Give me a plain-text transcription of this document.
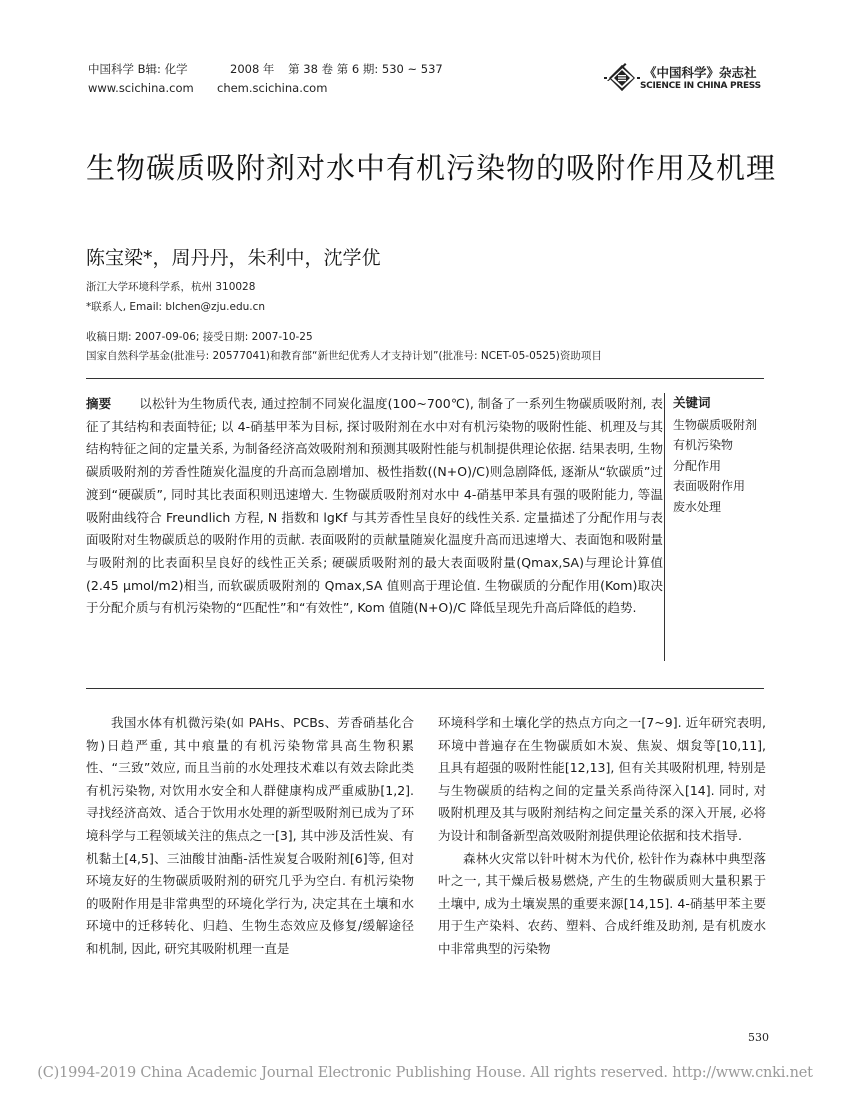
中国科学 B辑: 化学	2008 年 第 38 卷 第 6 期: 530 ~ 537
www.scichina.com chem.scichina.com
《中国科学》杂志社
SCIENCE IN CHINA PRESS
生物碳质吸附剂对水中有机污染物的吸附作用及机理
陈宝梁*，周丹丹，朱利中，沈学优
浙江大学环境科学系，杭州 310028
*联系人, Email: blchen@zju.edu.cn
收稿日期: 2007-09-06; 接受日期: 2007-10-25
国家自然科学基金(批准号: 20577041)和教育部“新世纪优秀人才支持计划”(批准号: NCET-05-0525)资助项目
摘要 以松针为生物质代表, 通过控制不同炭化温度(100~700℃), 制备了一系列生物碳质吸附剂, 表征了其结构和表面特征; 以 4-硝基甲苯为目标, 探讨吸附剂在水中对有机污染物的吸附性能、机理及与其结构特征之间的定量关系, 为制备经济高效吸附剂和预测其吸附性能与机制提供理论依据. 结果表明, 生物碳质吸附剂的芳香性随炭化温度的升高而急剧增加、极性指数((N+O)/C)则急剧降低, 逐渐从“软碳质”过渡到“硬碳质”, 同时其比表面积则迅速增大. 生物碳质吸附剂对水中 4-硝基甲苯具有强的吸附能力, 等温吸附曲线符合 Freundlich 方程, N 指数和 lgKf 与其芳香性呈良好的线性关系. 定量描述了分配作用与表面吸附对生物碳质总的吸附作用的贡献. 表面吸附的贡献量随炭化温度升高而迅速增大、表面饱和吸附量与吸附剂的比表面积呈良好的线性正关系; 硬碳质吸附剂的最大表面吸附量(Qmax,SA)与理论计算值(2.45 μmol/m2)相当, 而软碳质吸附剂的 Qmax,SA 值则高于理论值. 生物碳质的分配作用(Kom)取决于分配介质与有机污染物的“匹配性”和“有效性”, Kom 值随(N+O)/C 降低呈现先升高后降低的趋势.
关键词
生物碳质吸附剂
有机污染物
分配作用
表面吸附作用
废水处理

我国水体有机微污染(如 PAHs、PCBs、芳香硝基化合物)日趋严重, 其中痕量的有机污染物常具高生物积累性、“三致”效应, 而且当前的水处理技术难以有效去除此类有机污染物, 对饮用水安全和人群健康构成严重威胁[1,2]. 寻找经济高效、适合于饮用水处理的新型吸附剂已成为了环境科学与工程领域关注的焦点之一[3], 其中涉及活性炭、有机黏土[4,5]、三油酸甘油酯-活性炭复合吸附剂[6]等, 但对环境友好的生物碳质吸附剂的研究几乎为空白. 有机污染物的吸附作用是非常典型的环境化学行为, 决定其在土壤和水环境中的迁移转化、归趋、生物生态效应及修复/缓解途径和机制, 因此, 研究其吸附机理一直是

环境科学和土壤化学的热点方向之一[7~9]. 近年研究表明, 环境中普遍存在生物碳质如木炭、焦炭、烟炱等[10,11], 且具有超强的吸附性能[12,13], 但有关其吸附机理, 特别是与生物碳质的结构之间的定量关系尚待深入[14]. 同时, 对吸附机理及其与吸附剂结构之间定量关系的深入开展, 必将为设计和制备新型高效吸附剂提供理论依据和技术指导.

森林火灾常以针叶树木为代价, 松针作为森林中典型落叶之一, 其干燥后极易燃烧, 产生的生物碳质则大量积累于土壤中, 成为土壤炭黑的重要来源[14,15]. 4-硝基甲苯主要用于生产染料、农药、塑料、合成纤维及助剂, 是有机废水中非常典型的污染物

530
(C)1994-2019 China Academic Journal Electronic Publishing House. All rights reserved. http://www.cnki.net
